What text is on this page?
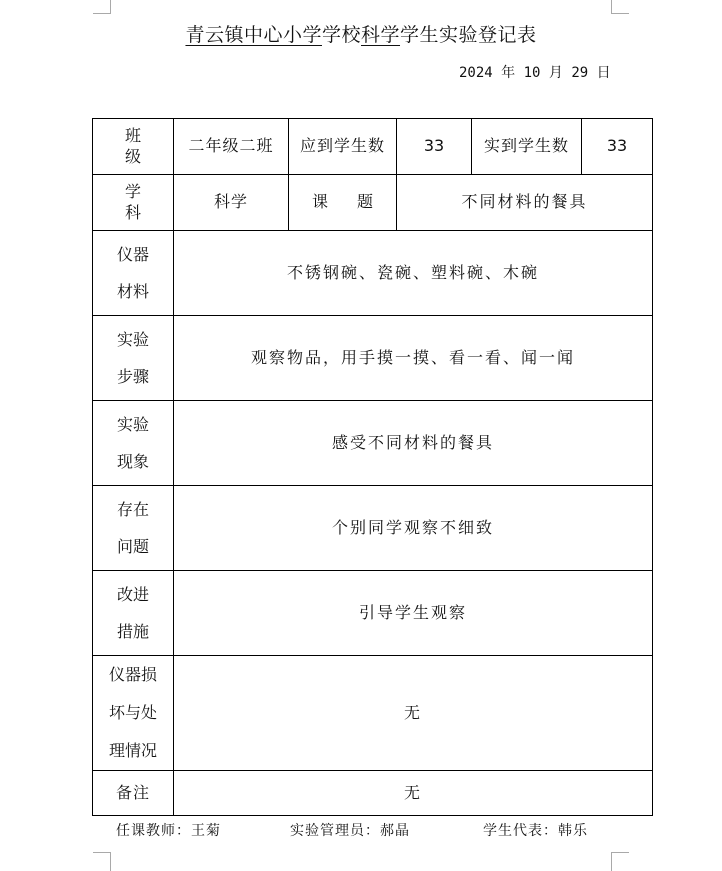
青云镇中心小学学校科学学生实验登记表
2024 年 10 月 29 日
班 级	二年级二班	应到学生数	33	实到学生数	33
学 科	科学	课 题	不同材料的餐具		
仪器
材料	不锈钢碗、瓷碗、塑料碗、木碗				
实验
步骤	观察物品，用手摸一摸、看一看、闻一闻				
实验
现象	感受不同材料的餐具				
存在
问题	个别同学观察不细致				
改进
措施	引导学生观察				
仪器损
坏与处
理情况	无				
备注	无				
任课教师：王菊	实验管理员：郝晶	学生代表：韩乐
